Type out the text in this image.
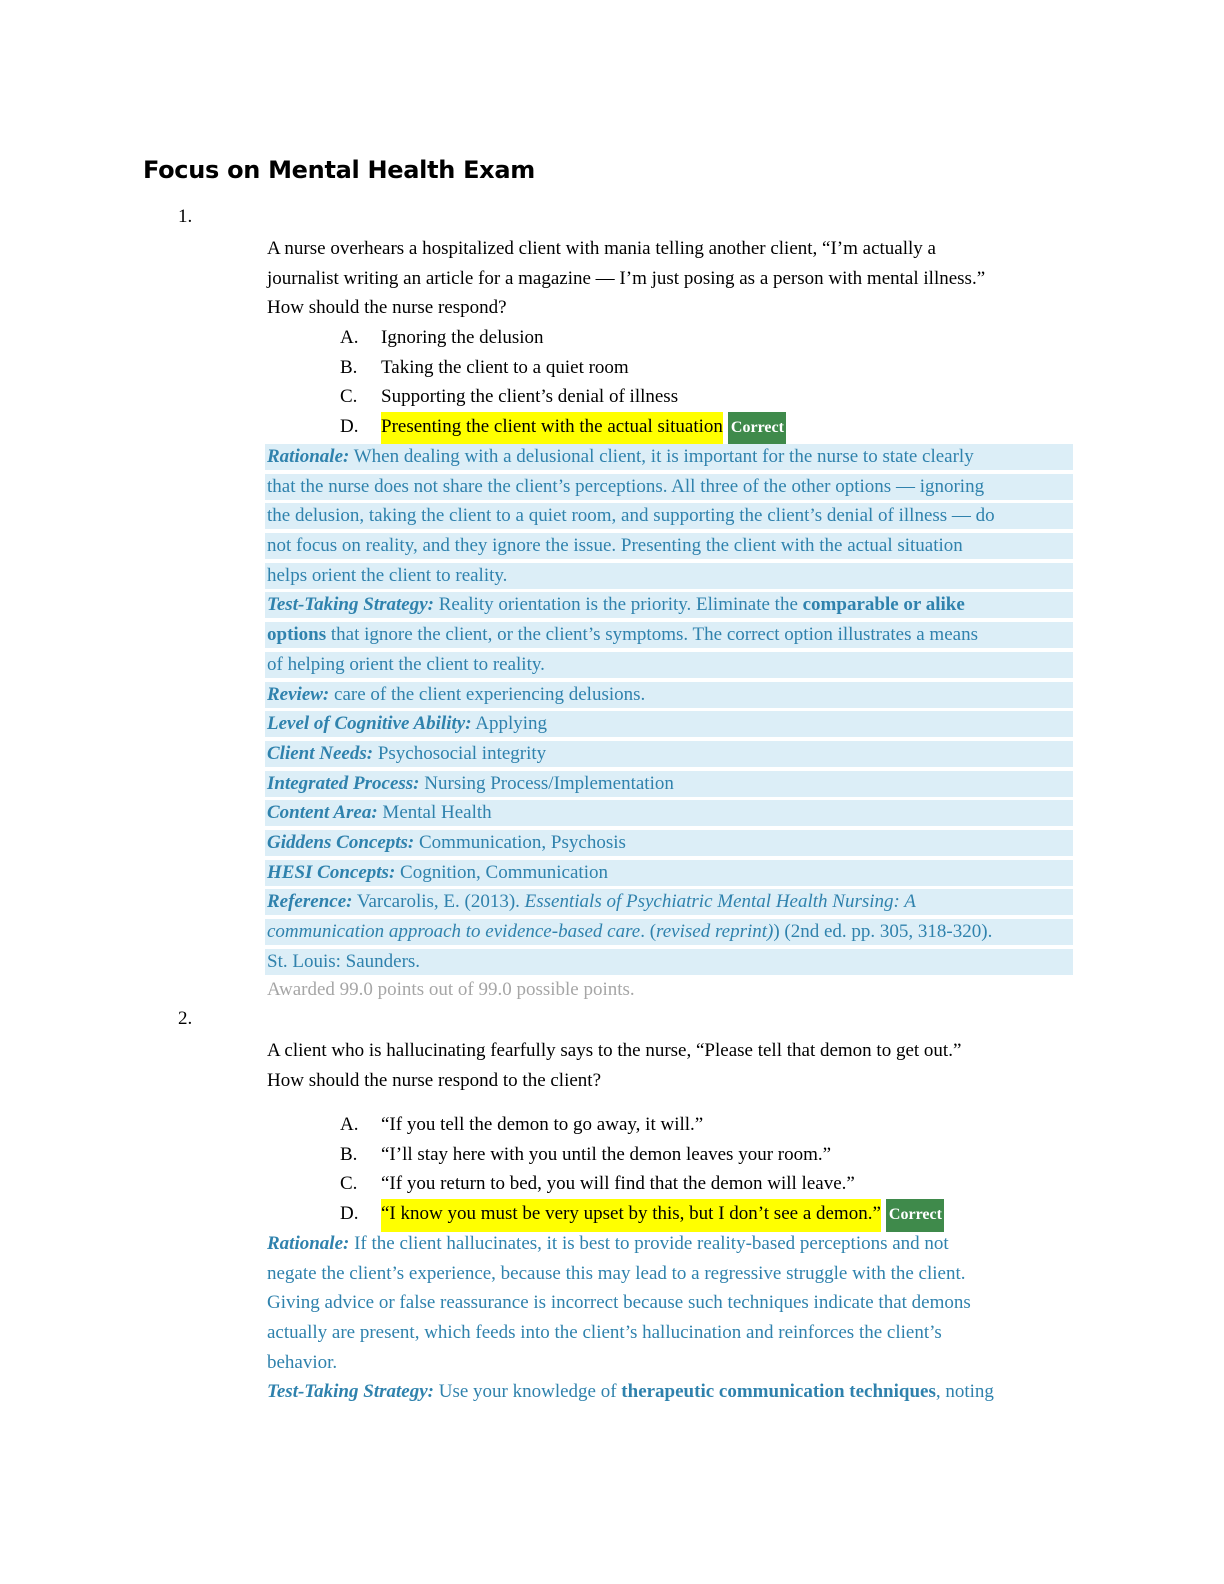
Focus on Mental Health Exam
1.

A nurse overhears a hospitalized client with mania telling another client, “I’m actually a

journalist writing an article for a magazine — I’m just posing as a person with mental illness.”

How should the nurse respond?

A.	Ignoring the delusion
B.	Taking the client to a quiet room
C.	Supporting the client’s denial of illness
D.	Presenting the client with the actual situation Correct
Rationale: When dealing with a delusional client, it is important for the nurse to state clearly
that the nurse does not share the client’s perceptions. All three of the other options — ignoring
the delusion, taking the client to a quiet room, and supporting the client’s denial of illness — do
not focus on reality, and they ignore the issue. Presenting the client with the actual situation
helps orient the client to reality.
Test-Taking Strategy: Reality orientation is the priority. Eliminate the comparable or alike
options that ignore the client, or the client’s symptoms. The correct option illustrates a means
of helping orient the client to reality.
Review: care of the client experiencing delusions.
Level of Cognitive Ability: Applying
Client Needs: Psychosocial integrity
Integrated Process: Nursing Process/Implementation
Content Area: Mental Health
Giddens Concepts: Communication, Psychosis
HESI Concepts: Cognition, Communication
Reference: Varcarolis, E. (2013). Essentials of Psychiatric Mental Health Nursing: A
communication approach to evidence-based care. (revised reprint)) (2nd ed. pp. 305, 318-320).
St. Louis: Saunders.
Awarded 99.0 points out of 99.0 possible points.
2.

A client who is hallucinating fearfully says to the nurse, “Please tell that demon to get out.”

How should the nurse respond to the client?

A.	“If you tell the demon to go away, it will.”
B.	“I’ll stay here with you until the demon leaves your room.”
C.	“If you return to bed, you will find that the demon will leave.”
D.	“I know you must be very upset by this, but I don’t see a demon.” Correct
Rationale: If the client hallucinates, it is best to provide reality-based perceptions and not
negate the client’s experience, because this may lead to a regressive struggle with the client.
Giving advice or false reassurance is incorrect because such techniques indicate that demons
actually are present, which feeds into the client’s hallucination and reinforces the client’s
behavior.
Test-Taking Strategy: Use your knowledge of therapeutic communication techniques, noting
